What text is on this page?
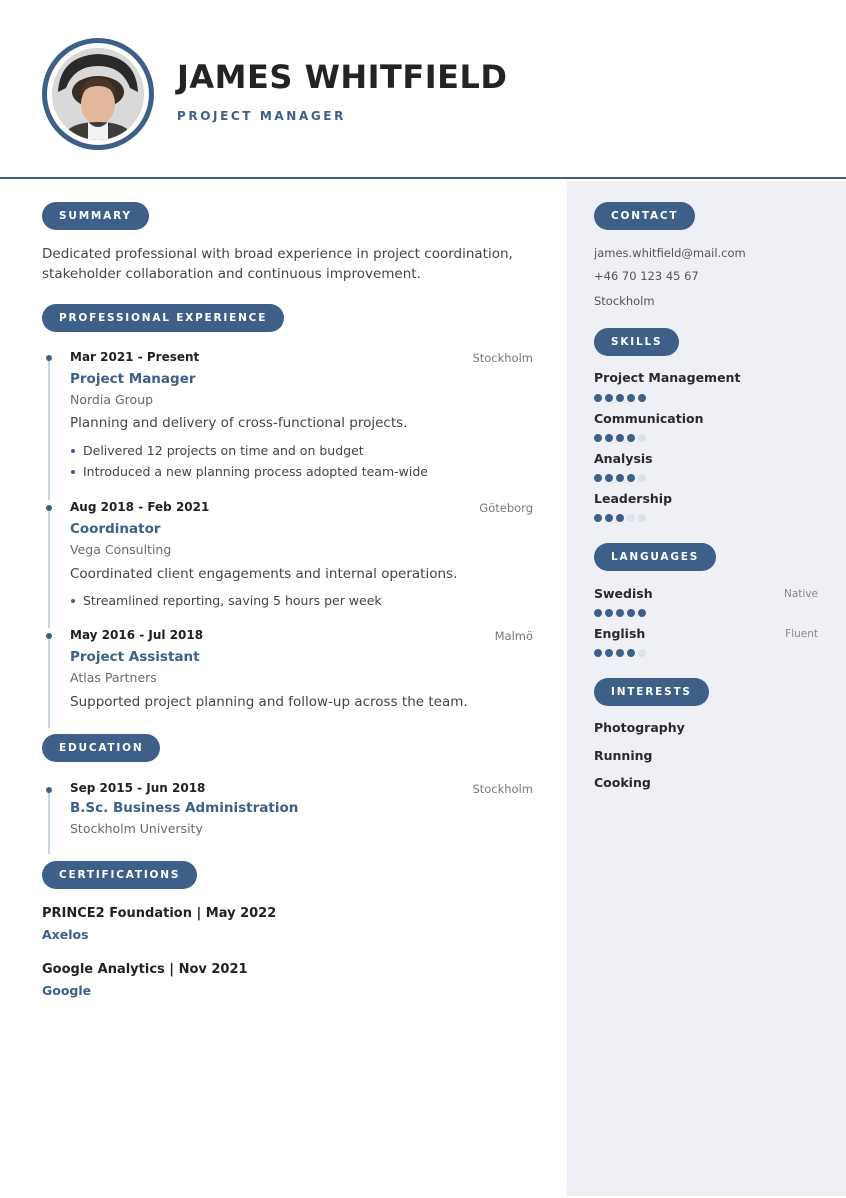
JAMES WHITFIELD
PROJECT MANAGER
SUMMARY
Dedicated professional with broad experience in project coordination,
stakeholder collaboration and continuous improvement.
PROFESSIONAL EXPERIENCE
Mar 2021 - Present	Stockholm
Project Manager
Nordia Group
Planning and delivery of cross-functional projects.
Delivered 12 projects on time and on budget
Introduced a new planning process adopted team-wide
Aug 2018 - Feb 2021	Göteborg
Coordinator
Vega Consulting
Coordinated client engagements and internal operations.
Streamlined reporting, saving 5 hours per week
May 2016 - Jul 2018	Malmö
Project Assistant
Atlas Partners
Supported project planning and follow-up across the team.
EDUCATION
Sep 2015 - Jun 2018	Stockholm
B.Sc. Business Administration
Stockholm University
CERTIFICATIONS
PRINCE2 Foundation | May 2022
Axelos
Google Analytics | Nov 2021
Google
CONTACT
james.whitfield@mail.com
+46 70 123 45 67
Stockholm
SKILLS
Project Management
Communication
Analysis
Leadership
LANGUAGES
Swedish	Native
English	Fluent
INTERESTS
Photography
Running
Cooking
